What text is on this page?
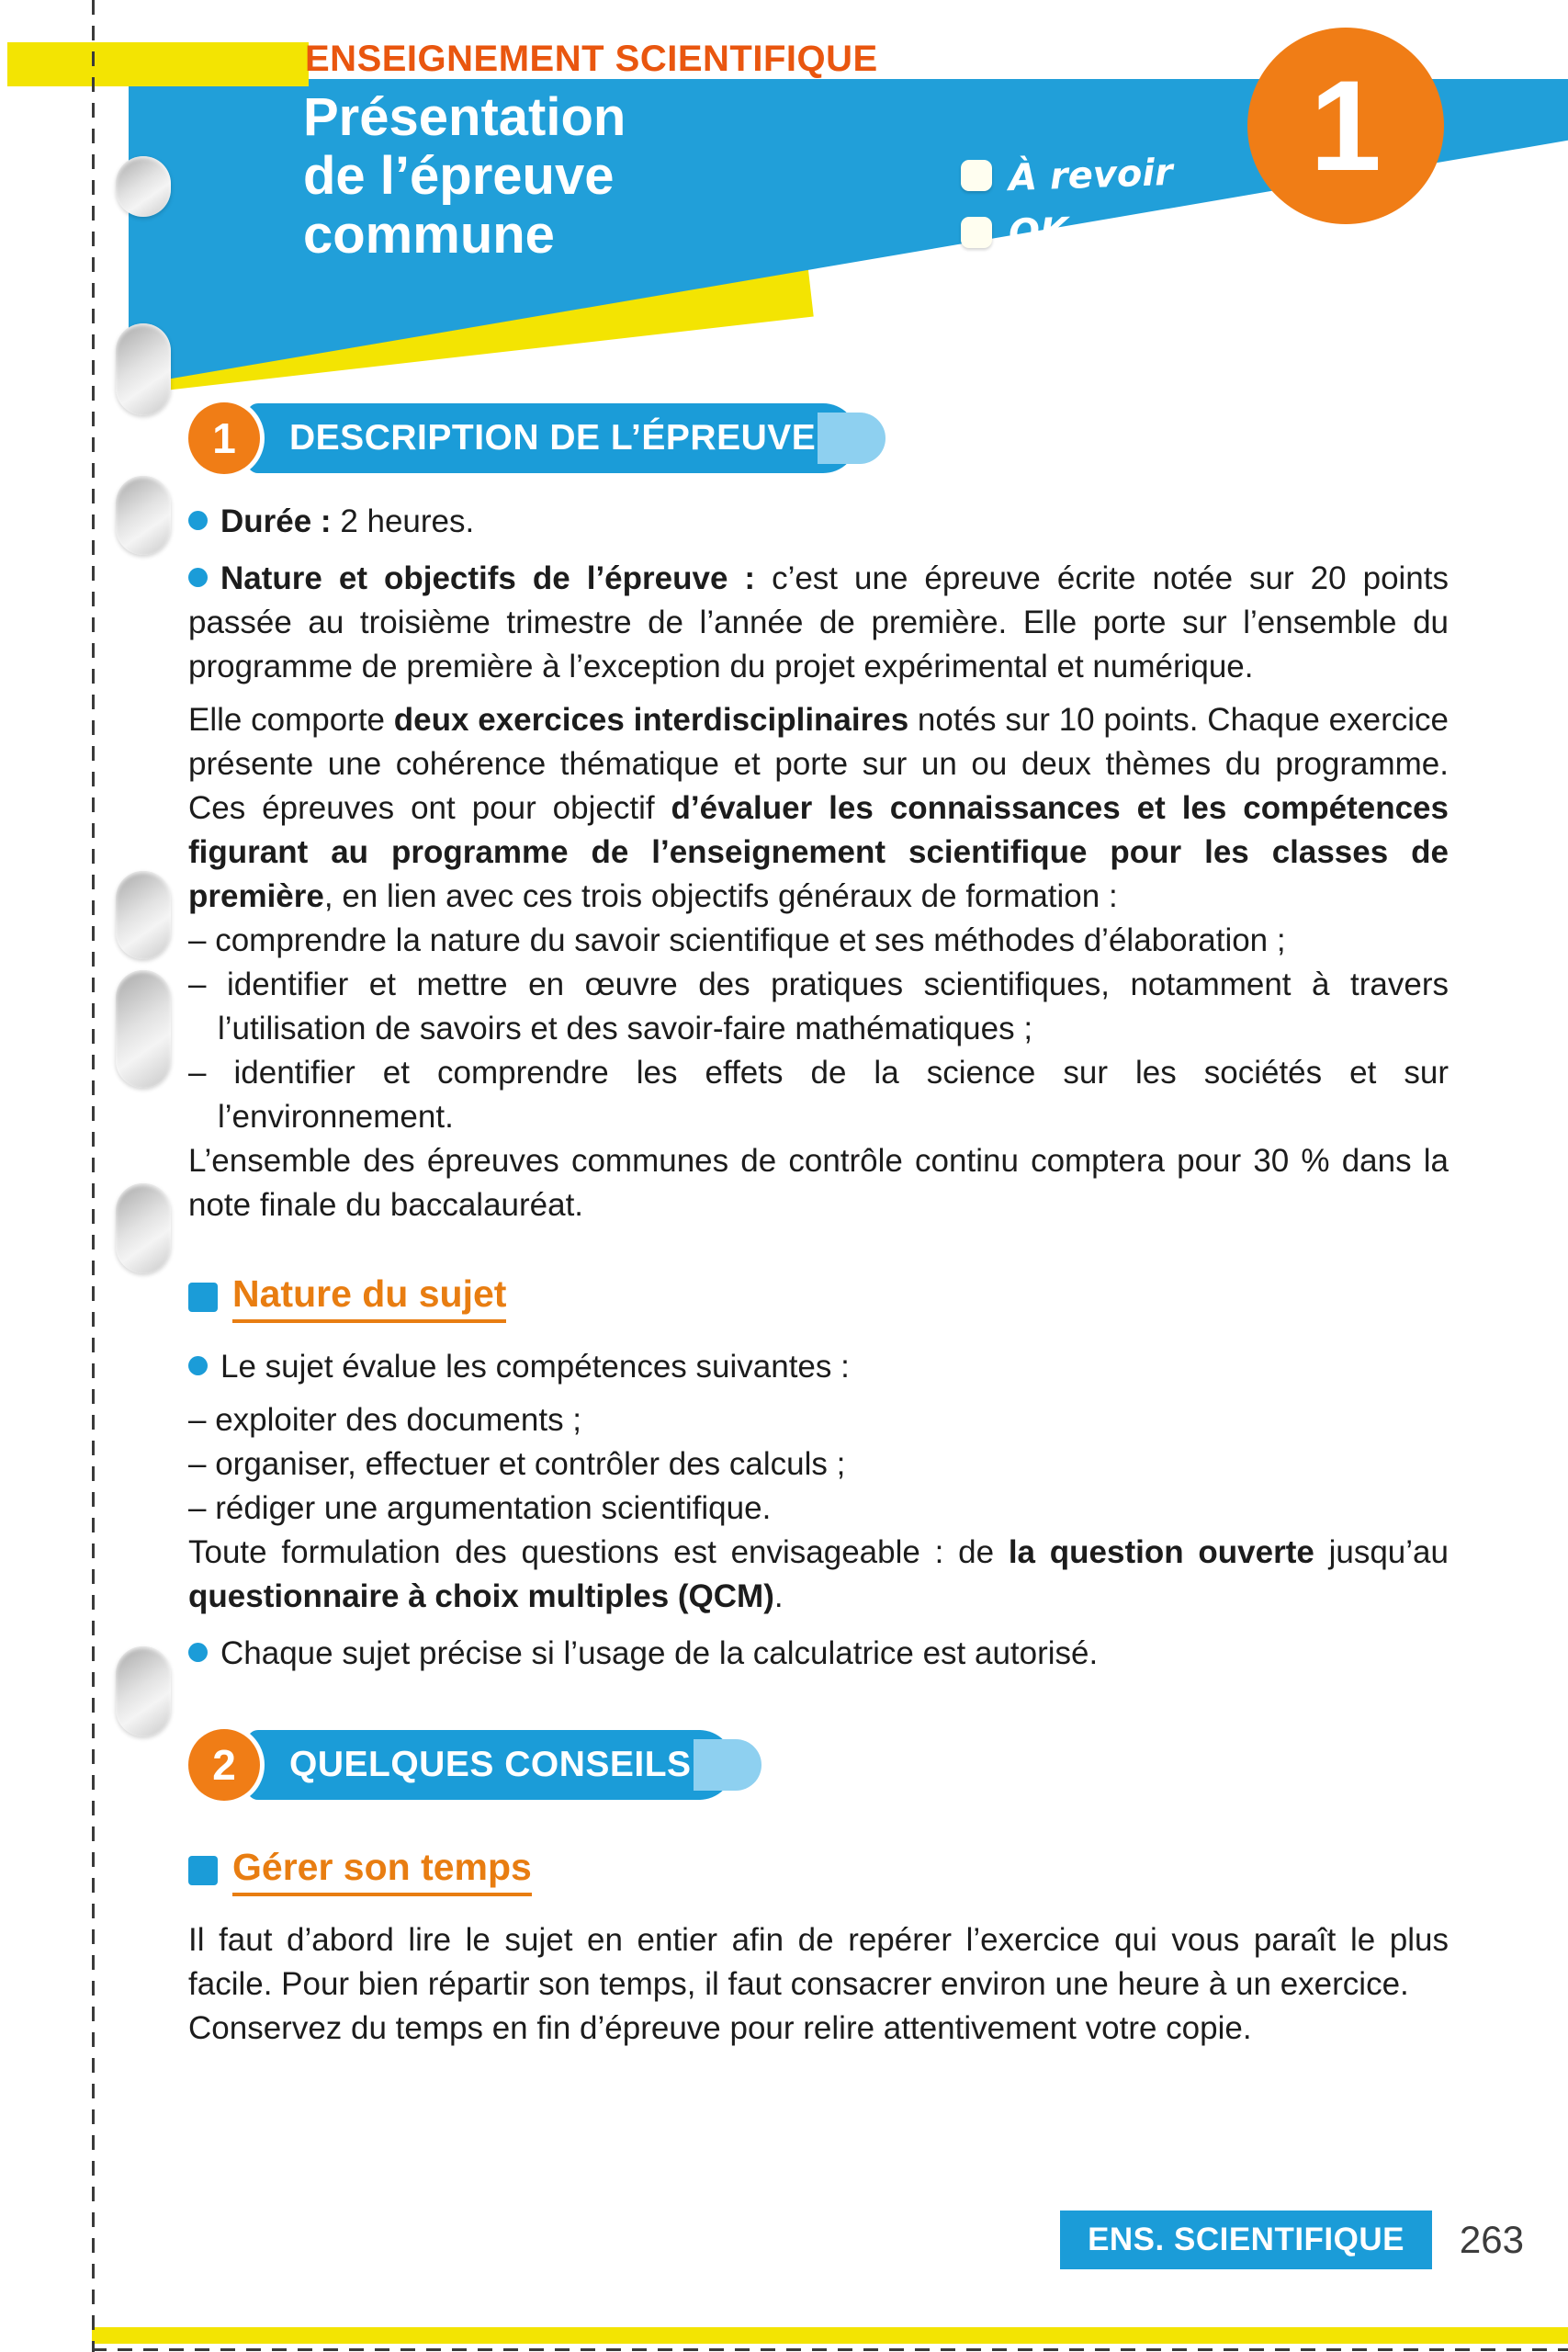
ENSEIGNEMENT SCIENTIFIQUE
Présentation
de l’épreuve
commune
À revoir
OK
1
1	DESCRIPTION DE L’ÉPREUVE

Durée : 2 heures.

Nature et objectifs de l’épreuve : c’est une épreuve écrite notée sur 20 points passée au troisième trimestre de l’année de première. Elle porte sur l’ensemble du programme de première à l’exception du projet expérimental et numérique.

Elle comporte deux exercices interdisciplinaires notés sur 10 points. Chaque exercice présente une cohérence thématique et porte sur un ou deux thèmes du programme. Ces épreuves ont pour objectif d’évaluer les connaissances et les compétences figurant au programme de l’enseignement scientifique pour les classes de première, en lien avec ces trois objectifs généraux de formation :

– comprendre la nature du savoir scientifique et ses méthodes d’élaboration ;

– identifier et mettre en œuvre des pratiques scientifiques, notamment à travers l’utilisation de savoirs et des savoir-faire mathématiques ;

– identifier et comprendre les effets de la science sur les sociétés et sur l’environnement.

L’ensemble des épreuves communes de contrôle continu comptera pour 30 % dans la note finale du baccalauréat.

Nature du sujet

Le sujet évalue les compétences suivantes :

– exploiter des documents ;

– organiser, effectuer et contrôler des calculs ;

– rédiger une argumentation scientifique.

Toute formulation des questions est envisageable : de la question ouverte jusqu’au questionnaire à choix multiples (QCM).

Chaque sujet précise si l’usage de la calculatrice est autorisé.

2	QUELQUES CONSEILS
Gérer son temps

Il faut d’abord lire le sujet en entier afin de repérer l’exercice qui vous paraît le plus facile. Pour bien répartir son temps, il faut consacrer environ une heure à un exercice.

Conservez du temps en fin d’épreuve pour relire attentivement votre copie.

ENS. SCIENTIFIQUE	263
